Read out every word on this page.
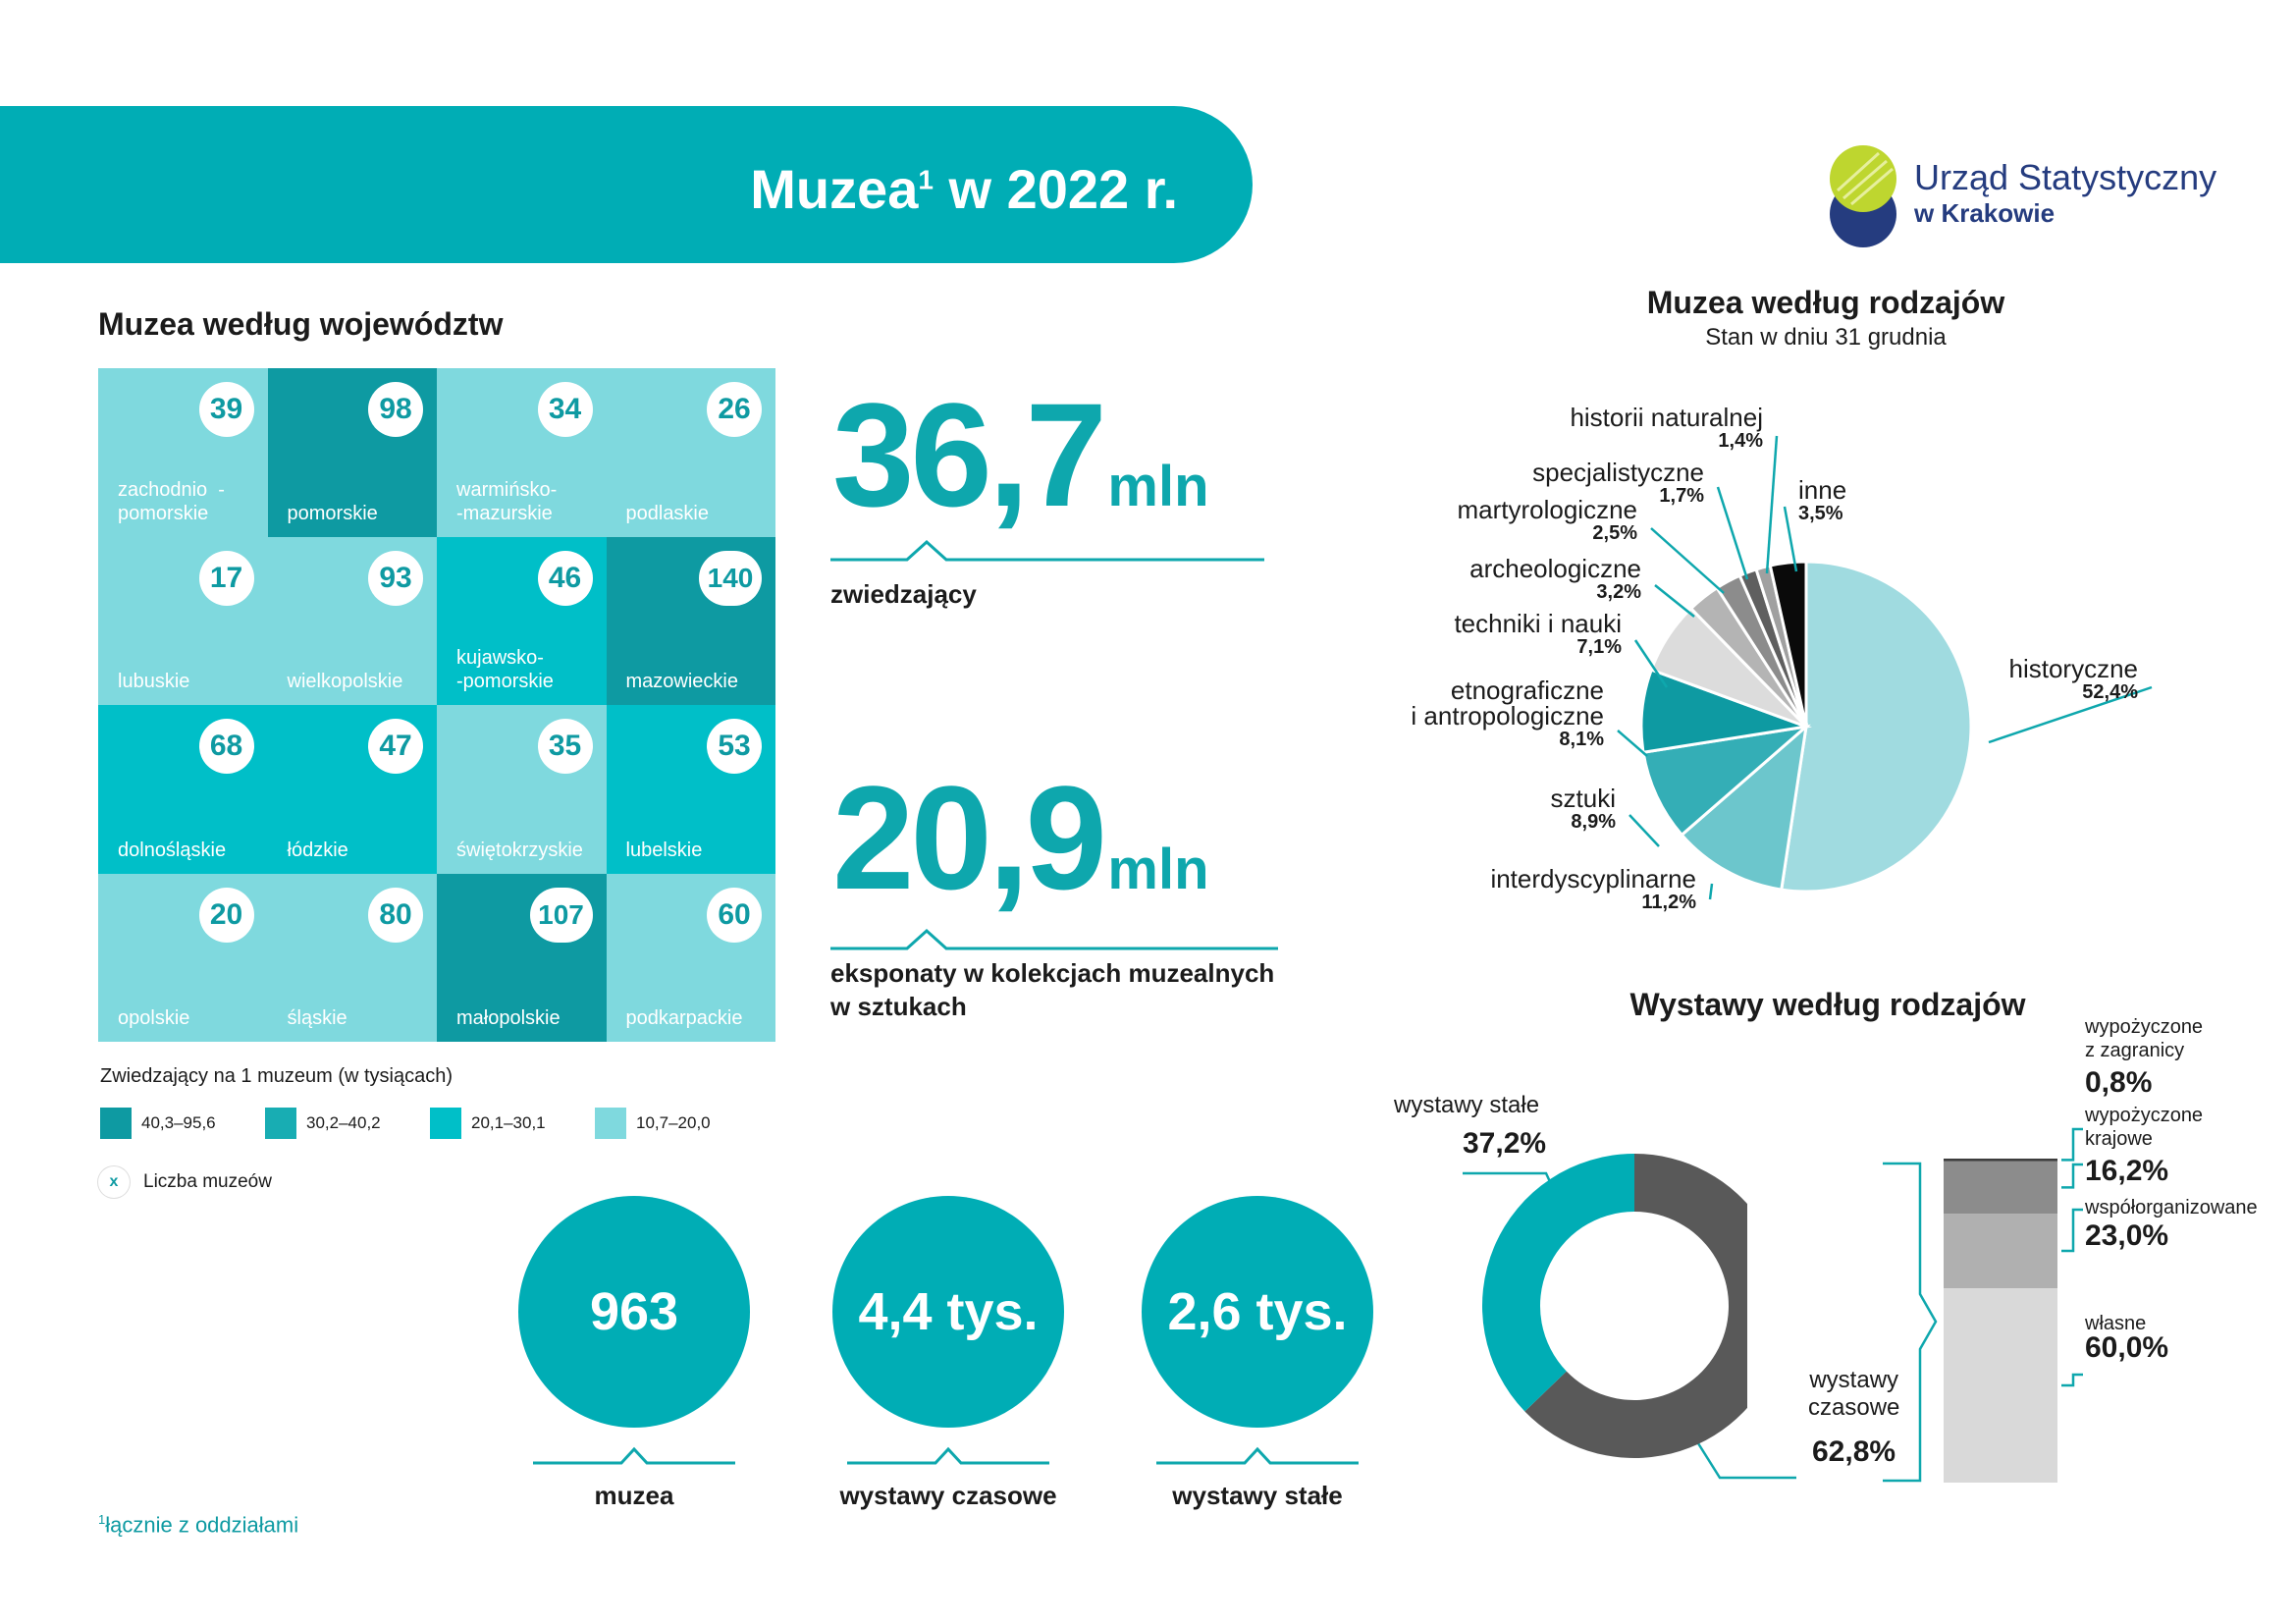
Muzea$^1$ w 2022 r.	Urząd Statystyczny
w Krakowie
Muzea według województw
39
zachodnio  -
pomorskie
98
pomorskie
34
warmińsko-
-mazurskie
26
podlaskie
17
lubuskie
93
wielkopolskie
46
kujawsko-
-pomorskie
140
mazowieckie
68
dolnośląskie
47
łódzkie
35
świętokrzyskie
53
lubelskie
20
opolskie
80
śląskie
107
małopolskie
60
podkarpackie
Zwiedzający na 1 muzeum (w tysiącach)
40,3–95,6	30,2–40,2	20,1–30,1	10,7–20,0
x	Liczba muzeów
36,7 mln
zwiedzający
20,9 mln
eksponaty w kolekcjach muzealnych
w sztukach
963
muzea
4,4 tys.
wystawy czasowe
2,6 tys.
wystawy stałe
Muzea według rodzajów
Stan w dniu 31 grudnia
historyczne
52,4%
interdyscyplinarne
11,2%
sztuki
8,9%
etnograficzne
i antropologiczne
8,1%
techniki i nauki
7,1%
archeologiczne
3,2%
martyrologiczne
2,5%
specjalistyczne
1,7%
historii naturalnej
1,4%
inne
3,5%
Wystawy według rodzajów
wystawy stałe
37,2%
wystawy
czasowe
62,8%
własne
60,0%
współorganizowane
23,0%
wypożyczone
krajowe
16,2%
wypożyczone
z zagranicy
0,8%
$^1$łącznie z oddziałami
